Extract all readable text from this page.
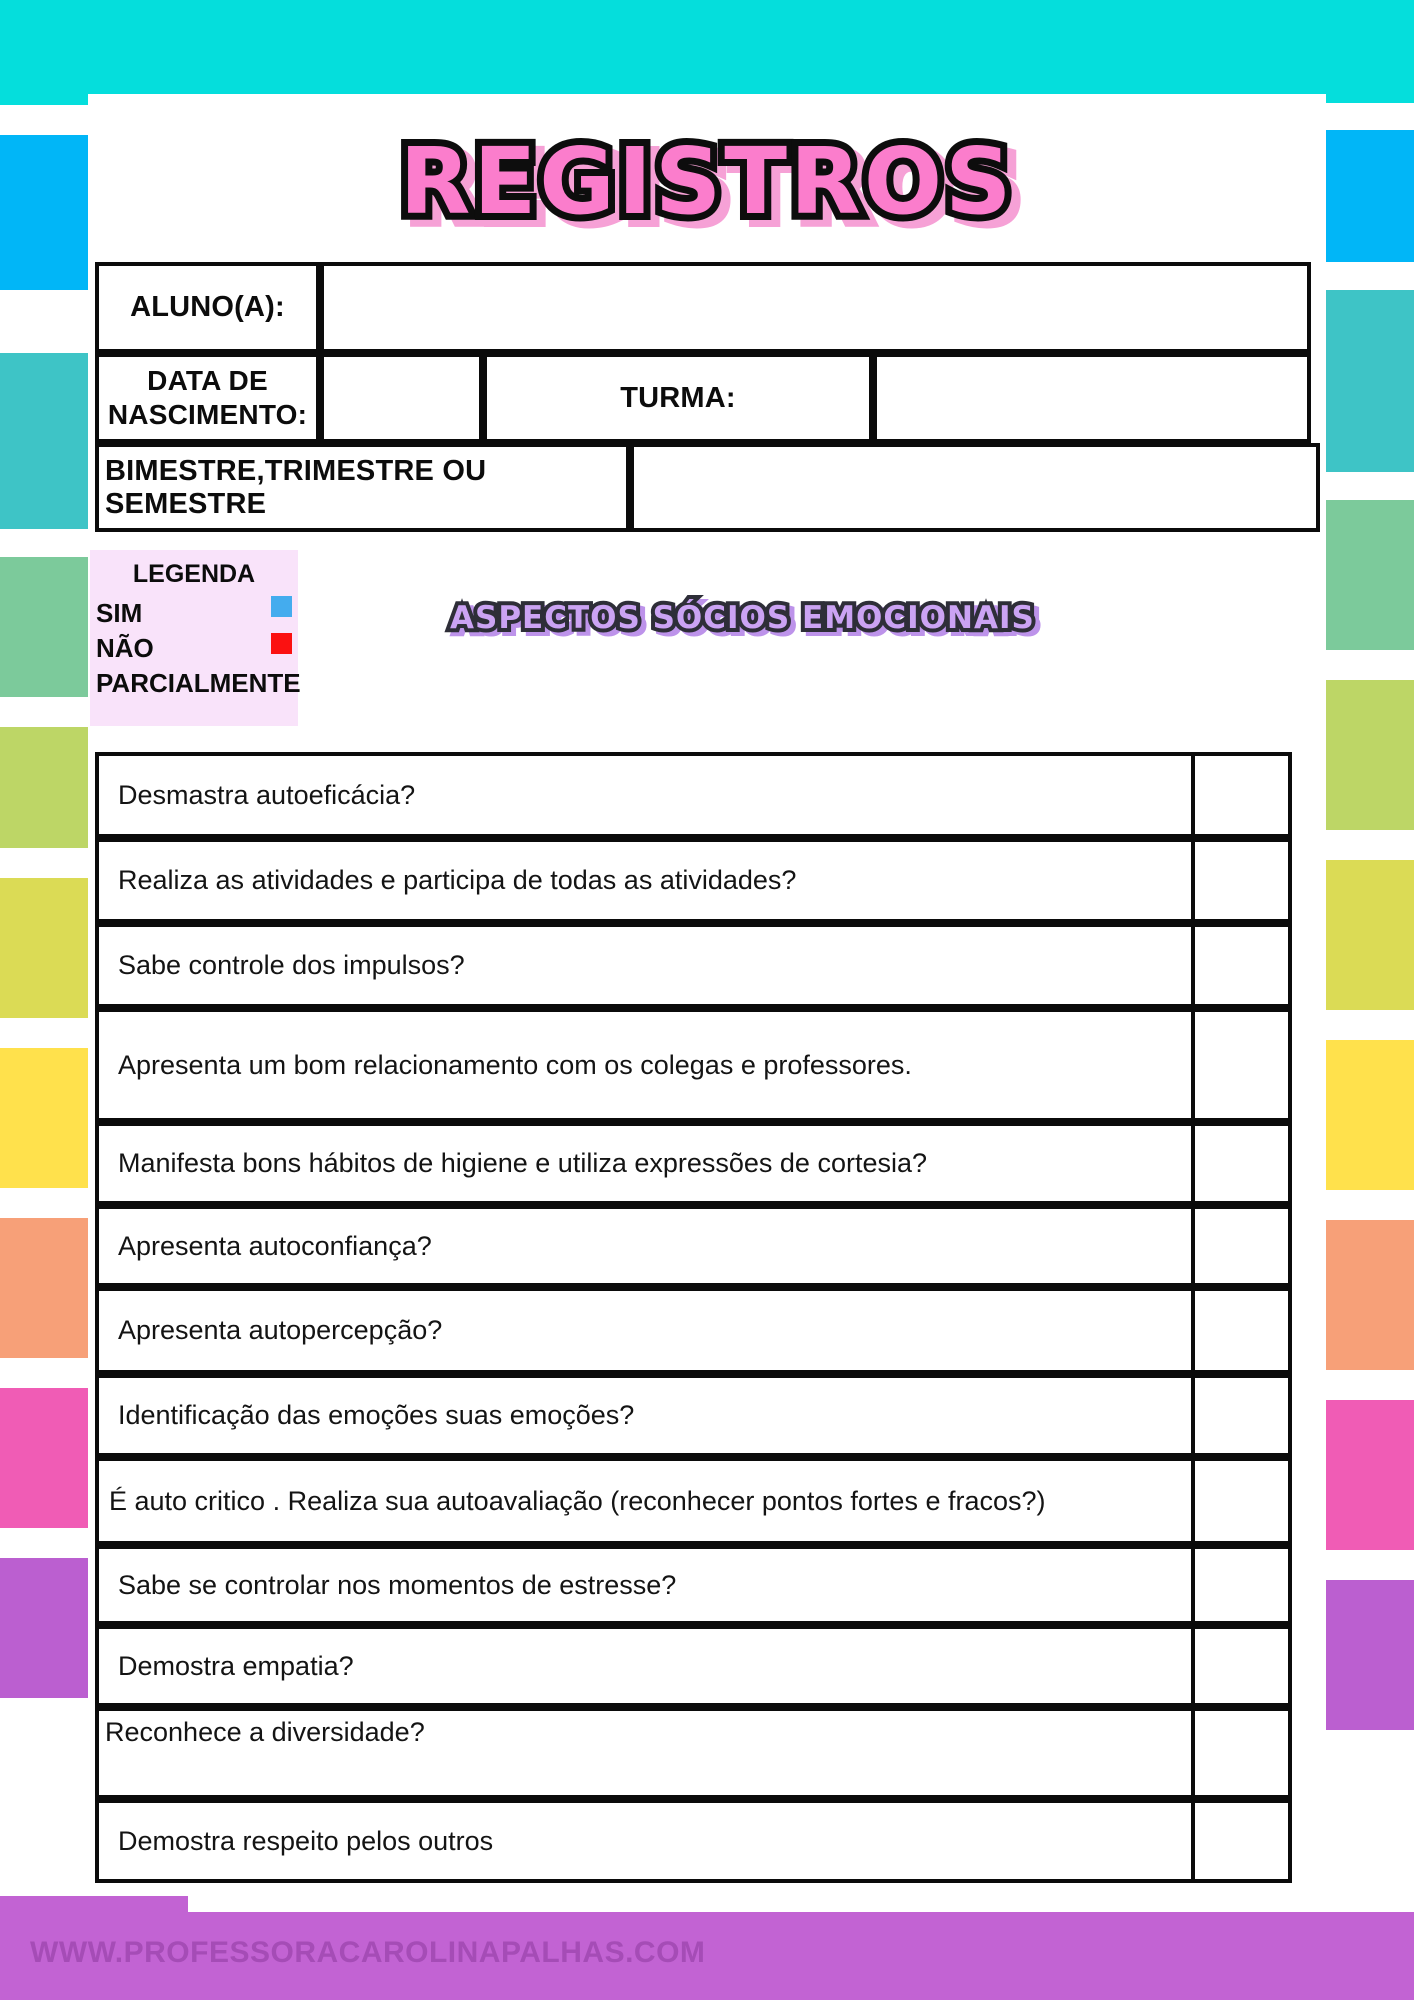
REGISTROS REGISTROS REGISTROS
ALUNO(A):
DATA DE NASCIMENTO:
TURMA:
BIMESTRE,TRIMESTRE OU SEMESTRE
LEGENDA
SIM
NÃO
PARCIALMENTE
ASPECTOS SÓCIOS EMOCIONAIS ASPECTOS SÓCIOS EMOCIONAIS ASPECTOS SÓCIOS EMOCIONAIS
Desmastra autoeficácia?
Realiza as atividades e participa de todas as atividades?
Sabe controle dos impulsos?
Apresenta um bom relacionamento com os colegas e professores.
Manifesta bons hábitos de higiene e utiliza expressões de cortesia?
Apresenta autoconfiança?
Apresenta autopercepção?
Identificação das emoções suas emoções?
É auto critico . Realiza sua autoavaliação (reconhecer pontos fortes e fracos?)
Sabe se controlar nos momentos de estresse?
Demostra empatia?
Reconhece a diversidade?
Demostra respeito pelos outros
WWW.PROFESSORACAROLINAPALHAS.COM
